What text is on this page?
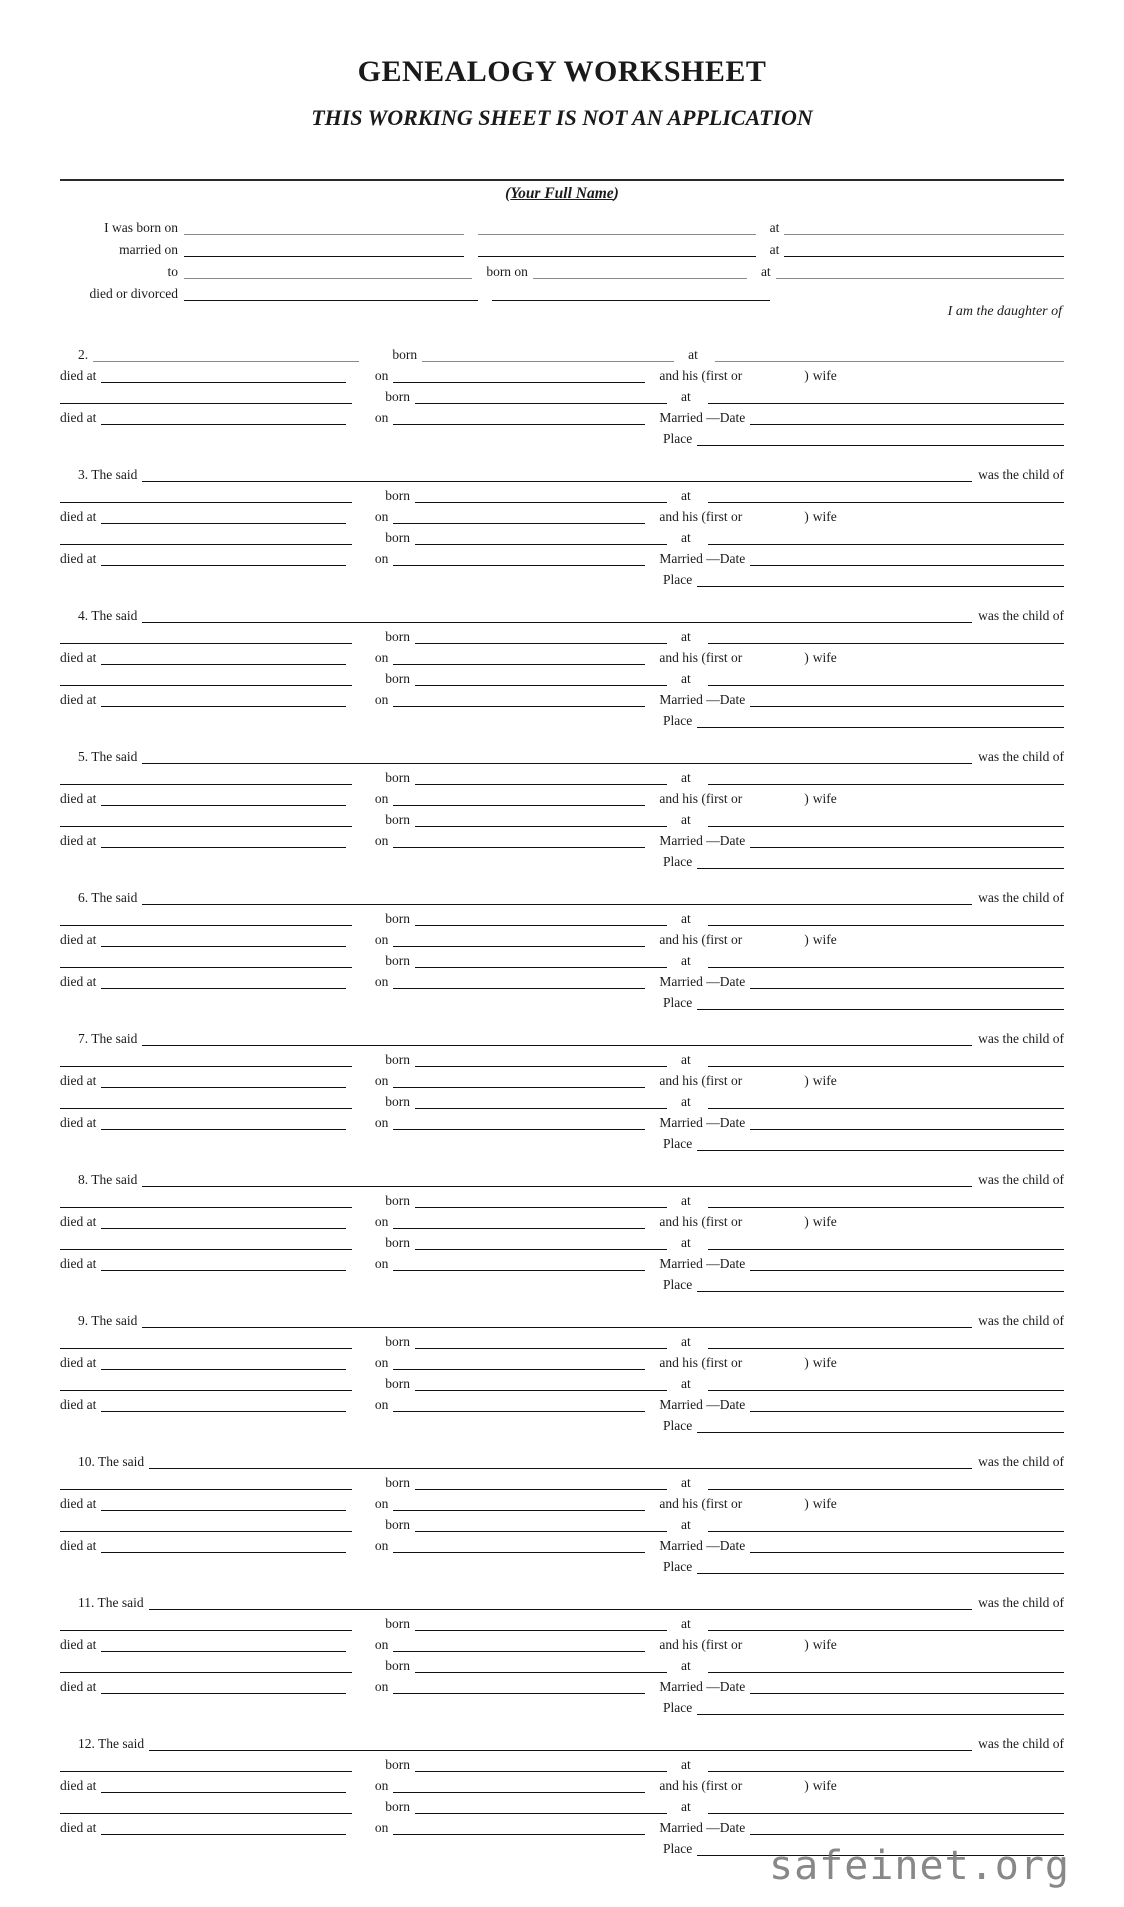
GENEALOGY WORKSHEET
THIS WORKING SHEET IS NOT AN APPLICATION
(Your Full Name)
I was born on	at
married on	at
to	born on	at
died or divorced
I am the daughter of
2.	born	at
died at	on	and his (first or	) wife
born	at
died at	on	Married —Date
Place
3. The said	was the child of
born	at
died at	on	and his (first or	) wife
born	at
died at	on	Married —Date
Place
4. The said	was the child of
born	at
died at	on	and his (first or	) wife
born	at
died at	on	Married —Date
Place
5. The said	was the child of
born	at
died at	on	and his (first or	) wife
born	at
died at	on	Married —Date
Place
6. The said	was the child of
born	at
died at	on	and his (first or	) wife
born	at
died at	on	Married —Date
Place
7. The said	was the child of
born	at
died at	on	and his (first or	) wife
born	at
died at	on	Married —Date
Place
8. The said	was the child of
born	at
died at	on	and his (first or	) wife
born	at
died at	on	Married —Date
Place
9. The said	was the child of
born	at
died at	on	and his (first or	) wife
born	at
died at	on	Married —Date
Place
10. The said	was the child of
born	at
died at	on	and his (first or	) wife
born	at
died at	on	Married —Date
Place
11. The said	was the child of
born	at
died at	on	and his (first or	) wife
born	at
died at	on	Married —Date
Place
12. The said	was the child of
born	at
died at	on	and his (first or	) wife
born	at
died at	on	Married —Date
Place	safeinet.org
